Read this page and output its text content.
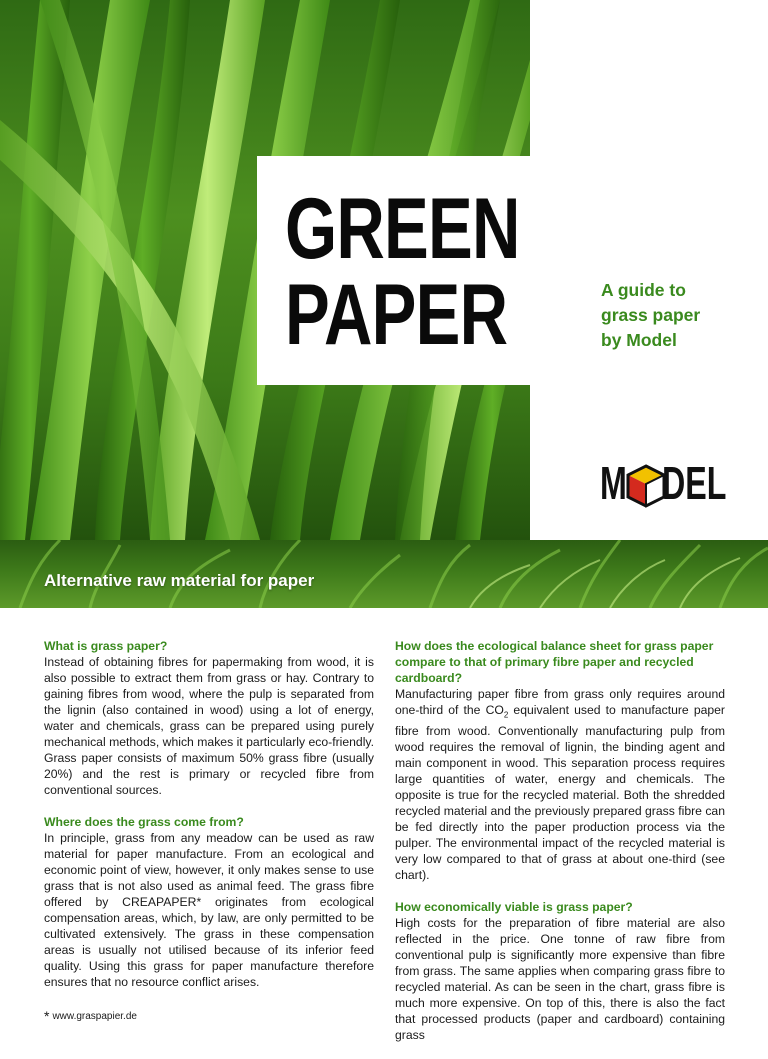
GREEN
PAPER	A guide to
grass paper
by Model
M DEL
Alternative raw material for paper

What is grass paper?

Instead of obtaining fibres for papermaking from wood, it is also possible to extract them from grass or hay. Contrary to gaining fibres from wood, where the pulp is separated from the lignin (also contained in wood) using a lot of energy, water and chemicals, grass can be prepared using purely mechanical methods, which makes it particularly eco-friendly. Grass paper consists of maximum 50% grass fibre (usually 20%) and the rest is primary or recycled fibre from conventional sources.

Where does the grass come from?

In principle, grass from any meadow can be used as raw material for paper manufacture. From an ecological and economic point of view, however, it only makes sense to use grass that is not also used as animal feed. The grass fibre offered by CREAPAPER* originates from ecological compensation areas, which, by law, are only permitted to be cultivated extensively. The grass in these compensation areas is usually not utilised because of its inferior feed quality. Using this grass for paper manufacture therefore ensures that no resource conflict arises.

* www.graspapier.de

How does the ecological balance sheet for grass paper compare to that of primary fibre paper and recycled cardboard?

Manufacturing paper fibre from grass only requires around one-third of the $CO_2$ equivalent used to manufacture paper fibre from wood. Conventionally manufacturing pulp from wood requires the removal of lignin, the binding agent and main component in wood. This separation process requires large quantities of water, energy and chemicals. The opposite is true for the recycled material. Both the shredded recycled material and the previously prepared grass fibre can be fed directly into the paper production process via the pulper. The environmental impact of the recycled material is very low compared to that of grass at about one-third (see chart).

How economically viable is grass paper?

High costs for the preparation of fibre material are also reflected in the price. One tonne of raw fibre from conventional pulp is significantly more expensive than fibre from grass. The same applies when comparing grass fibre to recycled material. As can be seen in the chart, grass fibre is much more expensive. On top of this, there is also the fact that processed products (paper and cardboard) containing grass
